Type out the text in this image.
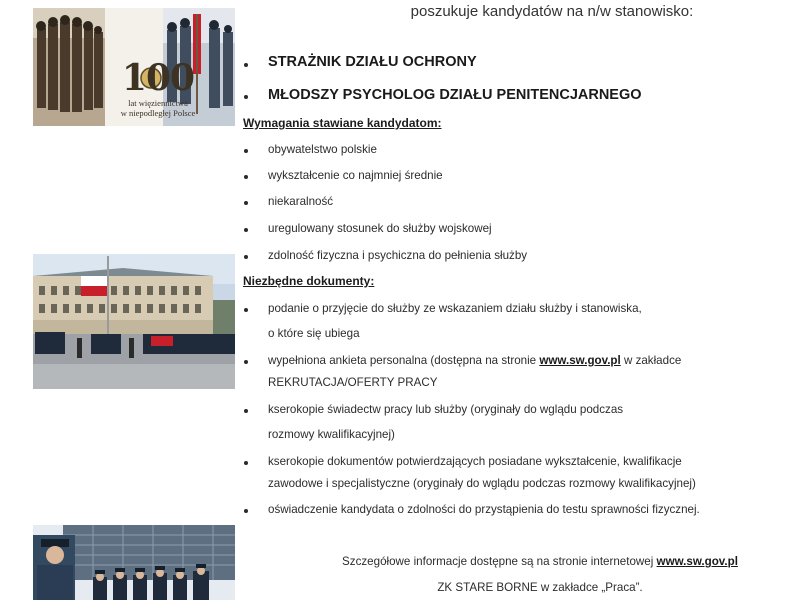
100
lat więziennictwa
w niepodległej Polsce
poszukuje kandydatów na n/w stanowisko:
STRAŻNIK DZIAŁU OCHRONY
MŁODSZY PSYCHOLOG DZIAŁU PENITENCJARNEGO
Wymagania stawiane kandydatom:
obywatelstwo polskie
wykształcenie co najmniej średnie
niekaralność
uregulowany stosunek do służby wojskowej
zdolność fizyczna i psychiczna do pełnienia służby
Niezbędne dokumenty:
podanie o przyjęcie do służby ze wskazaniem działu służby i stanowiska,
o które się ubiega
wypełniona ankieta personalna (dostępna na stronie www.sw.gov.pl w zakładce
REKRUTACJA/OFERTY PRACY
kserokopie świadectw pracy lub służby (oryginały do wglądu podczas
rozmowy kwalifikacyjnej)
kserokopie dokumentów potwierdzających posiadane wykształcenie, kwalifikacje
zawodowe i specjalistyczne (oryginały do wglądu podczas rozmowy kwalifikacyjnej)
oświadczenie kandydata o zdolności do przystąpienia do testu sprawności fizycznej.
Szczegółowe informacje dostępne są na stronie internetowej www.sw.gov.pl
ZK STARE BORNE w zakładce „Praca”.
